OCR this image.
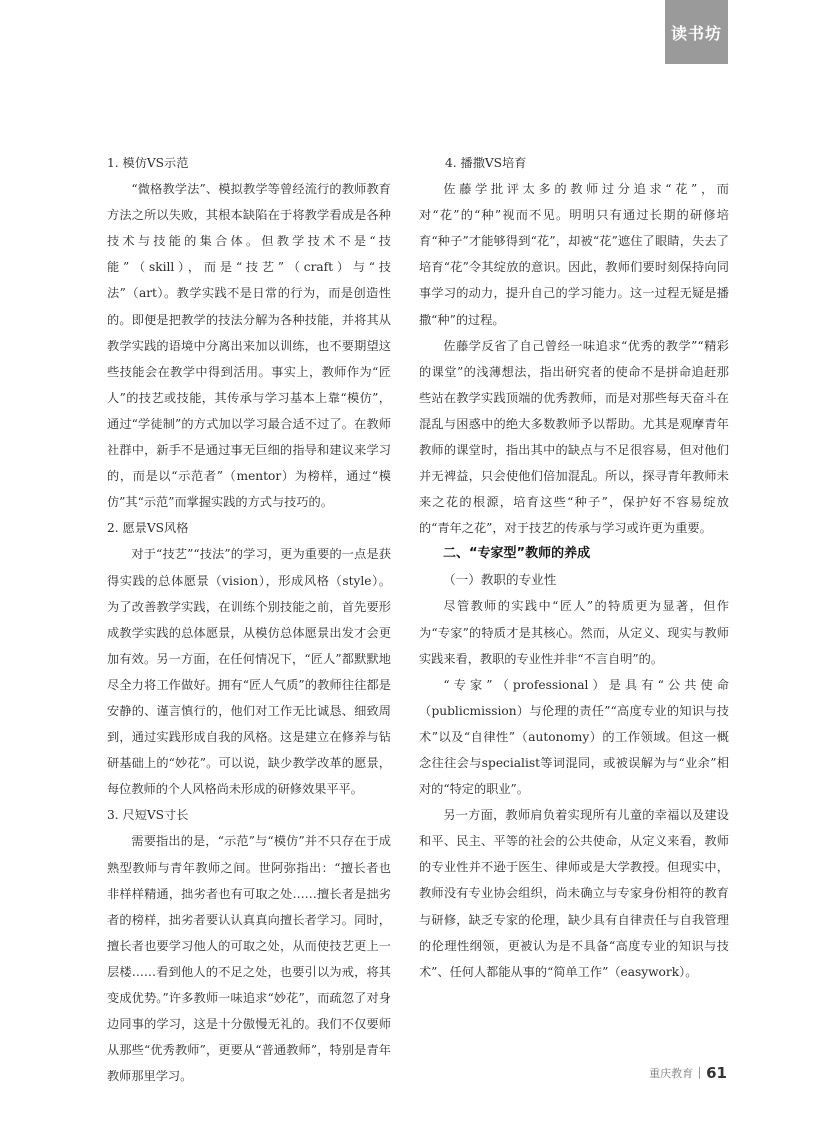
读书坊
1. 模仿VS示范

“微格教学法”、模拟教学等曾经流行的教师教育方法之所以失败，其根本缺陷在于将教学看成是各种技术与技能的集合体。但教学技术不是“技能”（skill），而是“技艺”（craft）与“技法”（art）。教学实践不是日常的行为，而是创造性的。即便是把教学的技法分解为各种技能，并将其从教学实践的语境中分离出来加以训练，也不要期望这些技能会在教学中得到活用。事实上，教师作为“匠人”的技艺或技能，其传承与学习基本上靠“模仿”，通过“学徒制”的方式加以学习最合适不过了。在教师社群中，新手不是通过事无巨细的指导和建议来学习的，而是以“示范者”（mentor）为榜样，通过“模仿”其“示范”而掌握实践的方式与技巧的。

2. 愿景VS风格

对于“技艺”“技法”的学习，更为重要的一点是获得实践的总体愿景（vision），形成风格（style）。为了改善教学实践，在训练个别技能之前，首先要形成教学实践的总体愿景，从模仿总体愿景出发才会更加有效。另一方面，在任何情况下，“匠人”都默默地尽全力将工作做好。拥有“匠人气质”的教师往往都是安静的、谨言慎行的，他们对工作无比诚恳、细致周到，通过实践形成自我的风格。这是建立在修养与钻研基础上的“妙花”。可以说，缺少教学改革的愿景，每位教师的个人风格尚未形成的研修效果平平。

3. 尺短VS寸长

需要指出的是，“示范”与“模仿”并不只存在于成熟型教师与青年教师之间。世阿弥指出：“擅长者也非样样精通，拙劣者也有可取之处……擅长者是拙劣者的榜样，拙劣者要认认真真向擅长者学习。同时，擅长者也要学习他人的可取之处，从而使技艺更上一层楼……看到他人的不足之处，也要引以为戒，将其变成优势。”许多教师一味追求“妙花”，而疏忽了对身边同事的学习，这是十分傲慢无礼的。我们不仅要师从那些“优秀教师”，更要从“普通教师”，特别是青年教师那里学习。

4. 播撒VS培育

佐藤学批评太多的教师过分追求“花”，而对“花”的“种”视而不见。明明只有通过长期的研修培育“种子”才能够得到“花”，却被“花”遮住了眼睛，失去了培育“花”令其绽放的意识。因此，教师们要时刻保持向同事学习的动力，提升自己的学习能力。这一过程无疑是播撒“种”的过程。

佐藤学反省了自己曾经一味追求“优秀的教学”“精彩的课堂”的浅薄想法，指出研究者的使命不是拼命追赶那些站在教学实践顶端的优秀教师，而是对那些每天奋斗在混乱与困惑中的绝大多数教师予以帮助。尤其是观摩青年教师的课堂时，指出其中的缺点与不足很容易，但对他们并无裨益，只会使他们倍加混乱。所以，探寻青年教师未来之花的根源，培育这些“种子”，保护好不容易绽放的“青年之花”，对于技艺的传承与学习或许更为重要。

二、“专家型”教师的养成
（一）教职的专业性

尽管教师的实践中“匠人”的特质更为显著，但作为“专家”的特质才是其核心。然而，从定义、现实与教师实践来看，教职的专业性并非“不言自明”的。

“专家”（professional）是具有“公共使命（publicmission）与伦理的责任”“高度专业的知识与技术”以及“自律性”（autonomy）的工作领域。但这一概念往往会与specialist等词混同，或被误解为与“业余”相对的“特定的职业”。

另一方面，教师肩负着实现所有儿童的幸福以及建设和平、民主、平等的社会的公共使命，从定义来看，教师的专业性并不逊于医生、律师或是大学教授。但现实中，教师没有专业协会组织，尚未确立与专家身份相符的教育与研修，缺乏专家的伦理，缺少具有自律责任与自我管理的伦理性纲领，更被认为是不具备“高度专业的知识与技术”、任何人都能从事的“简单工作”（easywork）。

重庆教育 61
